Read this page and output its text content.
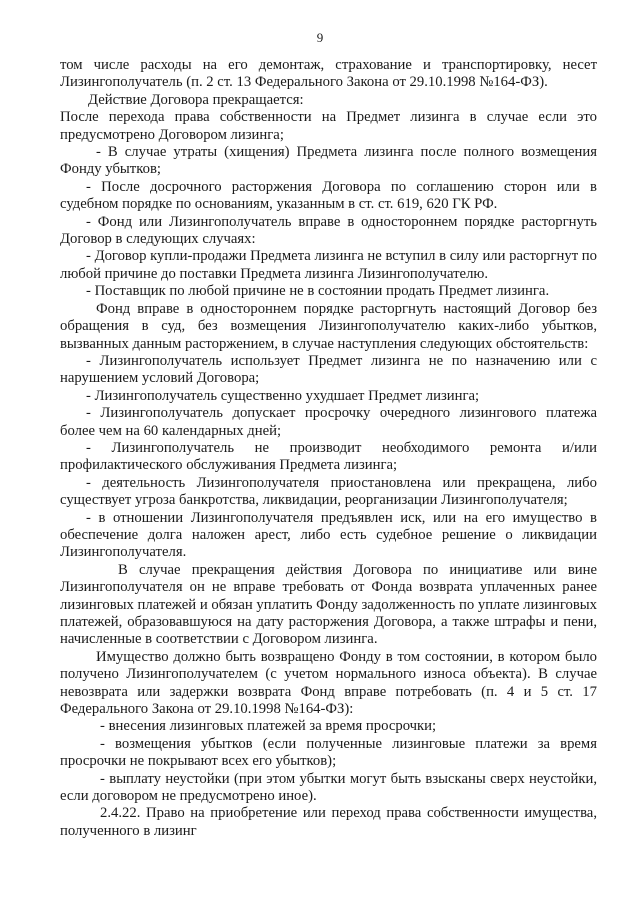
9

том числе расходы на его демонтаж, страхование и транспортировку, несет Лизингополучатель (п. 2 ст. 13 Федерального Закона от 29.10.1998 №164-ФЗ).

Действие Договора прекращается:

После перехода права собственности на Предмет лизинга в случае если это предусмотрено Договором лизинга;

- В случае утраты (хищения) Предмета лизинга после полного возмещения Фонду убытков;

- После досрочного расторжения Договора по соглашению сторон или в судебном порядке по основаниям, указанным в ст. ст. 619, 620 ГК РФ.

- Фонд или Лизингополучатель вправе в одностороннем порядке расторгнуть Договор в следующих случаях:

- Договор купли-продажи Предмета лизинга не вступил в силу или расторгнут по любой причине до поставки Предмета лизинга Лизингополучателю.

- Поставщик по любой причине не в состоянии продать Предмет лизинга.

Фонд вправе в одностороннем порядке расторгнуть настоящий Договор без обращения в суд, без возмещения Лизингополучателю каких-либо убытков, вызванных данным расторжением, в случае наступления следующих обстоятельств:

- Лизингополучатель использует Предмет лизинга не по назначению или с нарушением условий Договора;

- Лизингополучатель существенно ухудшает Предмет лизинга;

- Лизингополучатель допускает просрочку очередного лизингового платежа более чем на 60 календарных дней;

- Лизингополучатель не производит необходимого ремонта и/или профилактического обслуживания Предмета лизинга;

- деятельность Лизингополучателя приостановлена или прекращена, либо существует угроза банкротства, ликвидации, реорганизации Лизингополучателя;

- в отношении Лизингополучателя предъявлен иск, или на его имущество в обеспечение долга наложен арест, либо есть судебное решение о ликвидации Лизингополучателя.

В случае прекращения действия Договора по инициативе или вине Лизингополучателя он не вправе требовать от Фонда возврата уплаченных ранее лизинговых платежей и обязан уплатить Фонду задолженность по уплате лизинговых платежей, образовавшуюся на дату расторжения Договора, а также штрафы и пени, начисленные в соответствии с Договором лизинга.

Имущество должно быть возвращено Фонду в том состоянии, в котором было получено Лизингополучателем (с учетом нормального износа объекта). В случае невозврата или задержки возврата Фонд вправе потребовать (п. 4 и 5 ст. 17 Федерального Закона от 29.10.1998 №164-ФЗ):

- внесения лизинговых платежей за время просрочки;

- возмещения убытков (если полученные лизинговые платежи за время просрочки не покрывают всех его убытков);

- выплату неустойки (при этом убытки могут быть взысканы сверх неустойки, если договором не предусмотрено иное).

2.4.22. Право на приобретение или переход права собственности имущества, полученного в лизинг
